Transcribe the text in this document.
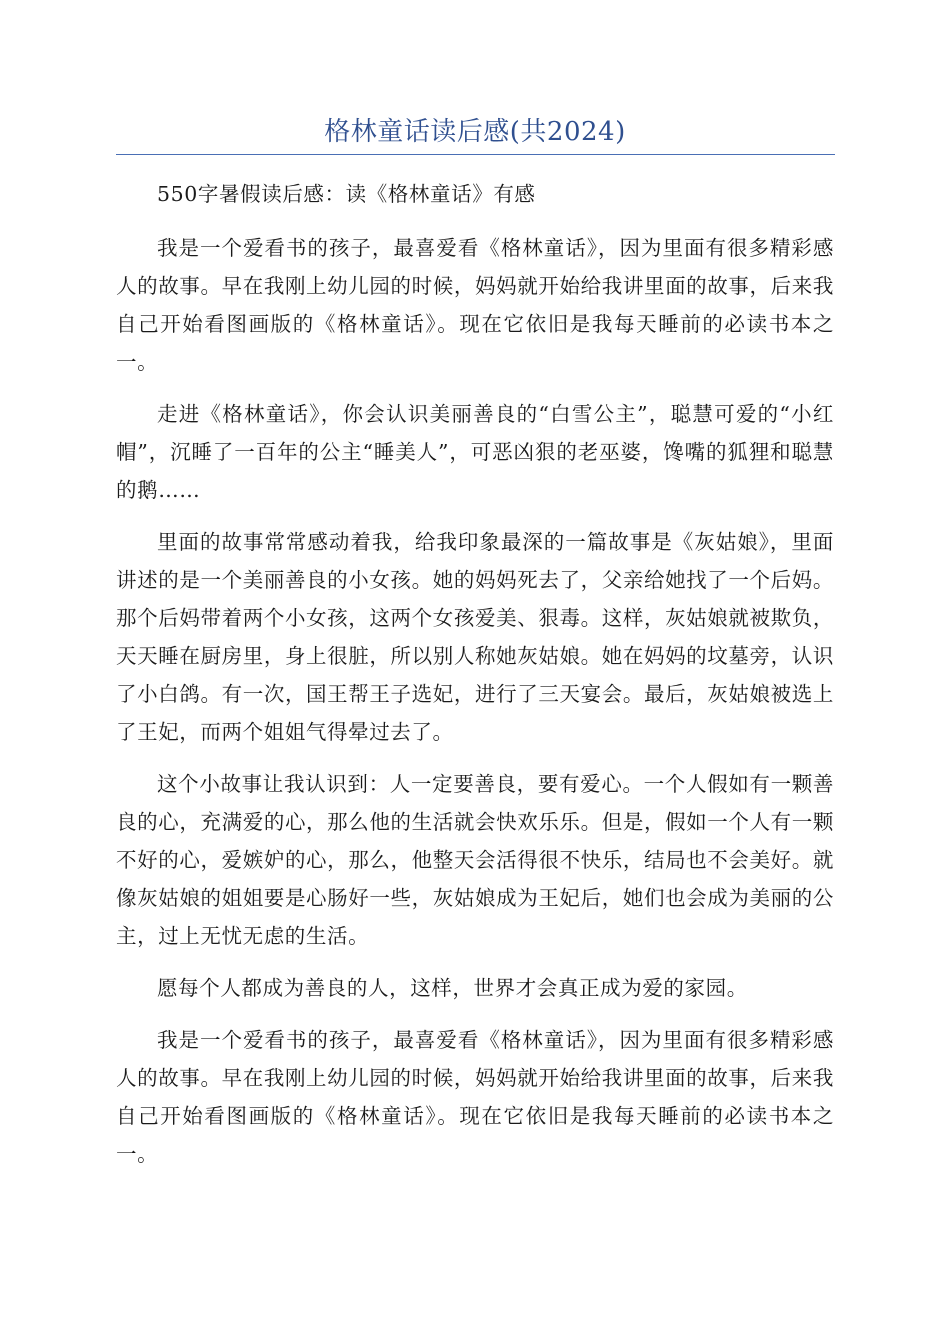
格林童话读后感(共2024)

550字暑假读后感：读《格林童话》有感

我是一个爱看书的孩子，最喜爱看《格林童话》，因为里面有很多精彩感人的故事。早在我刚上幼儿园的时候，妈妈就开始给我讲里面的故事，后来我自己开始看图画版的《格林童话》。现在它依旧是我每天睡前的必读书本之一。

走进《格林童话》，你会认识美丽善良的“白雪公主”，聪慧可爱的“小红帽”，沉睡了一百年的公主“睡美人”，可恶凶狠的老巫婆，馋嘴的狐狸和聪慧的鹅……

里面的故事常常感动着我，给我印象最深的一篇故事是《灰姑娘》，里面讲述的是一个美丽善良的小女孩。她的妈妈死去了，父亲给她找了一个后妈。那个后妈带着两个小女孩，这两个女孩爱美、狠毒。这样，灰姑娘就被欺负，天天睡在厨房里，身上很脏，所以别人称她灰姑娘。她在妈妈的坟墓旁，认识了小白鸽。有一次，国王帮王子选妃，进行了三天宴会。最后，灰姑娘被选上了王妃，而两个姐姐气得晕过去了。

这个小故事让我认识到：人一定要善良，要有爱心。一个人假如有一颗善良的心，充满爱的心，那么他的生活就会快欢乐乐。但是，假如一个人有一颗不好的心，爱嫉妒的心，那么，他整天会活得很不快乐，结局也不会美好。就像灰姑娘的姐姐要是心肠好一些，灰姑娘成为王妃后，她们也会成为美丽的公主，过上无忧无虑的生活。

愿每个人都成为善良的人，这样，世界才会真正成为爱的家园。

我是一个爱看书的孩子，最喜爱看《格林童话》，因为里面有很多精彩感人的故事。早在我刚上幼儿园的时候，妈妈就开始给我讲里面的故事，后来我自己开始看图画版的《格林童话》。现在它依旧是我每天睡前的必读书本之一。
